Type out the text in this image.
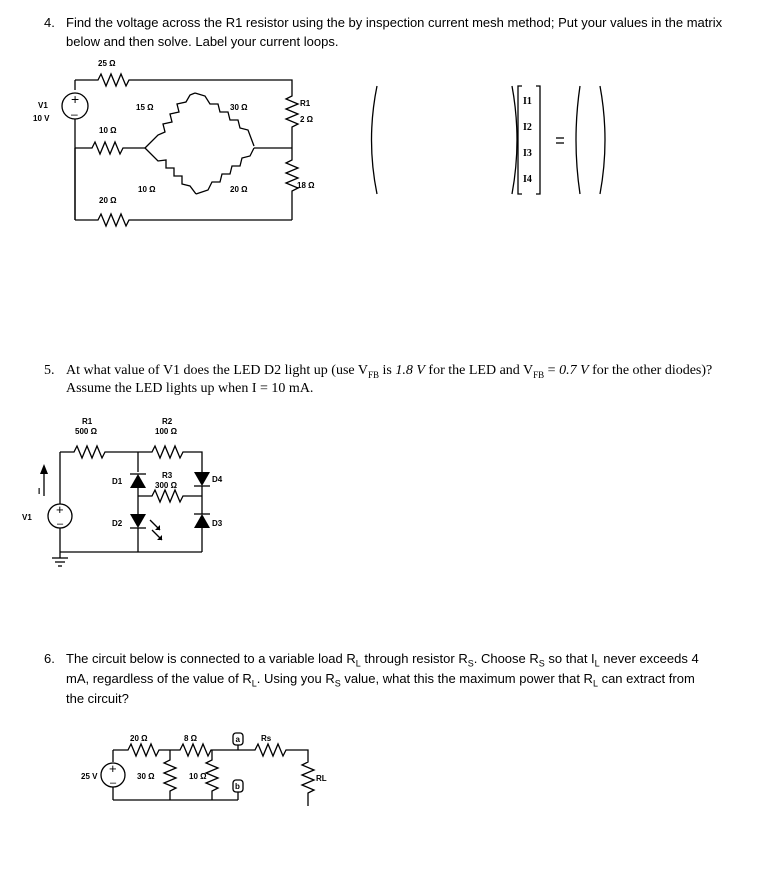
4. Find the voltage across the R1 resistor using the by inspection current mesh method; Put your values in the matrix
below and then solve. Label your current loops.
25 Ω
+
–
V1
10 V
10 Ω
15 Ω
10 Ω
30 Ω
20 Ω
R1
2 Ω
18 Ω
20 Ω
I1
I2
I3
I4
R1
500 Ω
R2
100 Ω
I
+
–
V1
D1
R3
300 Ω
D2
D4
D3
20 Ω	8 Ω	a	Rs
+
–
25 V	30 Ω	10 Ω
b
RL
5. At what value of V1 does the LED D2 light up (use $V_{FB}$ is 1.8 V for the LED and $V_{FB} = 0.7$ V for the other diodes)?
Assume the LED lights up when I = 10 mA.
6. The circuit below is connected to a variable load $R_L$ through resistor $R_S$. Choose $R_S$ so that $I_L$ never exceeds 4
mA, regardless of the value of $R_L$. Using you $R_S$ value, what this the maximum power that $R_L$ can extract from
the circuit?
